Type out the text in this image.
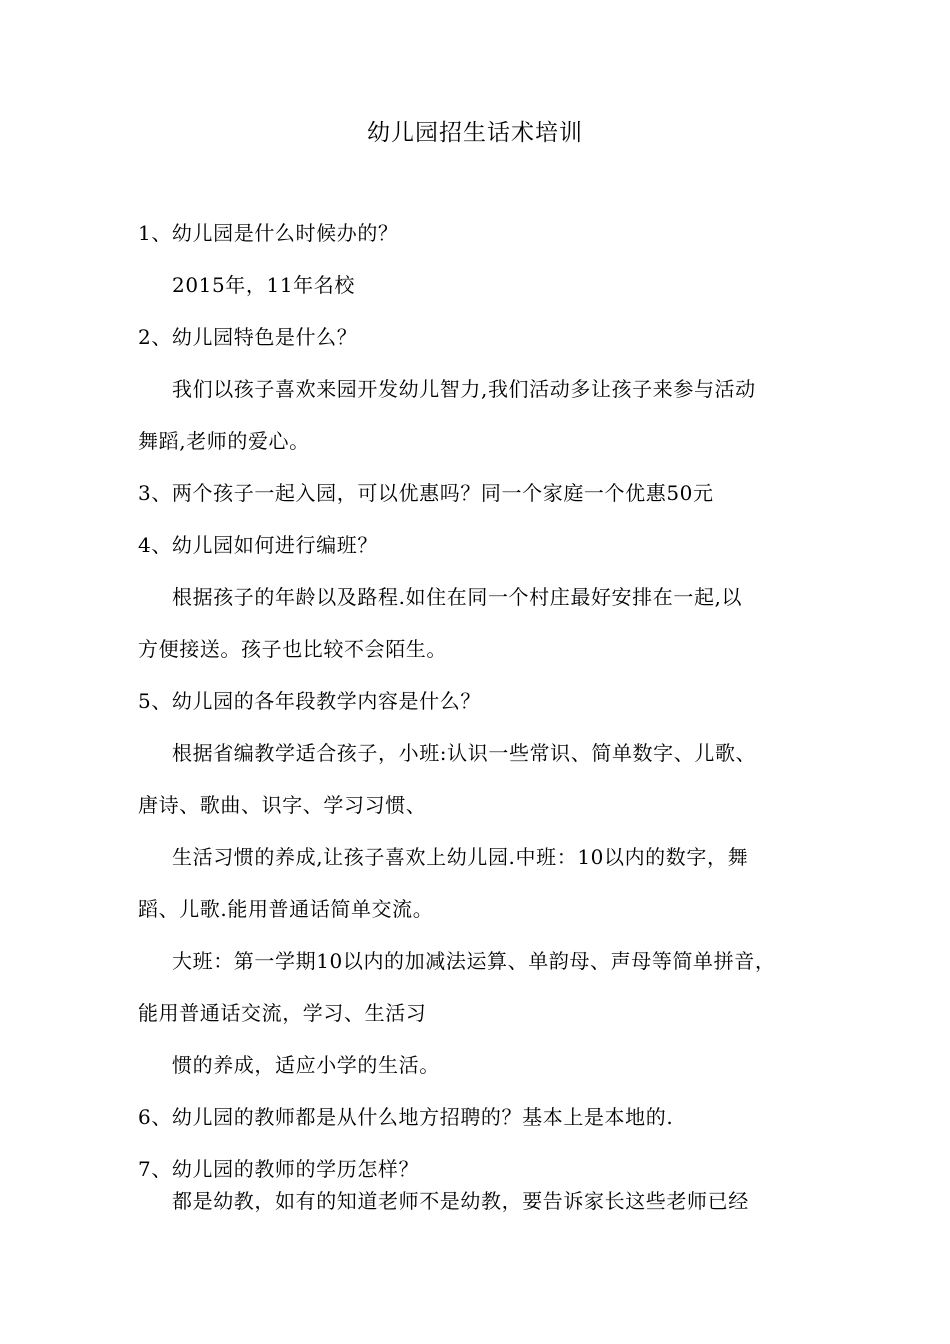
幼儿园招生话术培训
1、幼儿园是什么时候办的？
2015年，11年名校
2、幼儿园特色是什么？
我们以孩子喜欢来园开发幼儿智力,我们活动多让孩子来参与活动
舞蹈,老师的爱心。
3、两个孩子一起入园，可以优惠吗？同一个家庭一个优惠50元
4、幼儿园如何进行编班？
根据孩子的年龄以及路程.如住在同一个村庄最好安排在一起,以
方便接送。孩子也比较不会陌生。
5、幼儿园的各年段教学内容是什么？
根据省编教学适合孩子，小班:认识一些常识、简单数字、儿歌、
唐诗、歌曲、识字、学习习惯、
生活习惯的养成,让孩子喜欢上幼儿园.中班：10以内的数字，舞
蹈、儿歌.能用普通话简单交流。
大班：第一学期10以内的加减法运算、单韵母、声母等简单拼音，
能用普通话交流，学习、生活习
惯的养成，适应小学的生活。
6、幼儿园的教师都是从什么地方招聘的？基本上是本地的.
7、幼儿园的教师的学历怎样？
都是幼教，如有的知道老师不是幼教，要告诉家长这些老师已经
